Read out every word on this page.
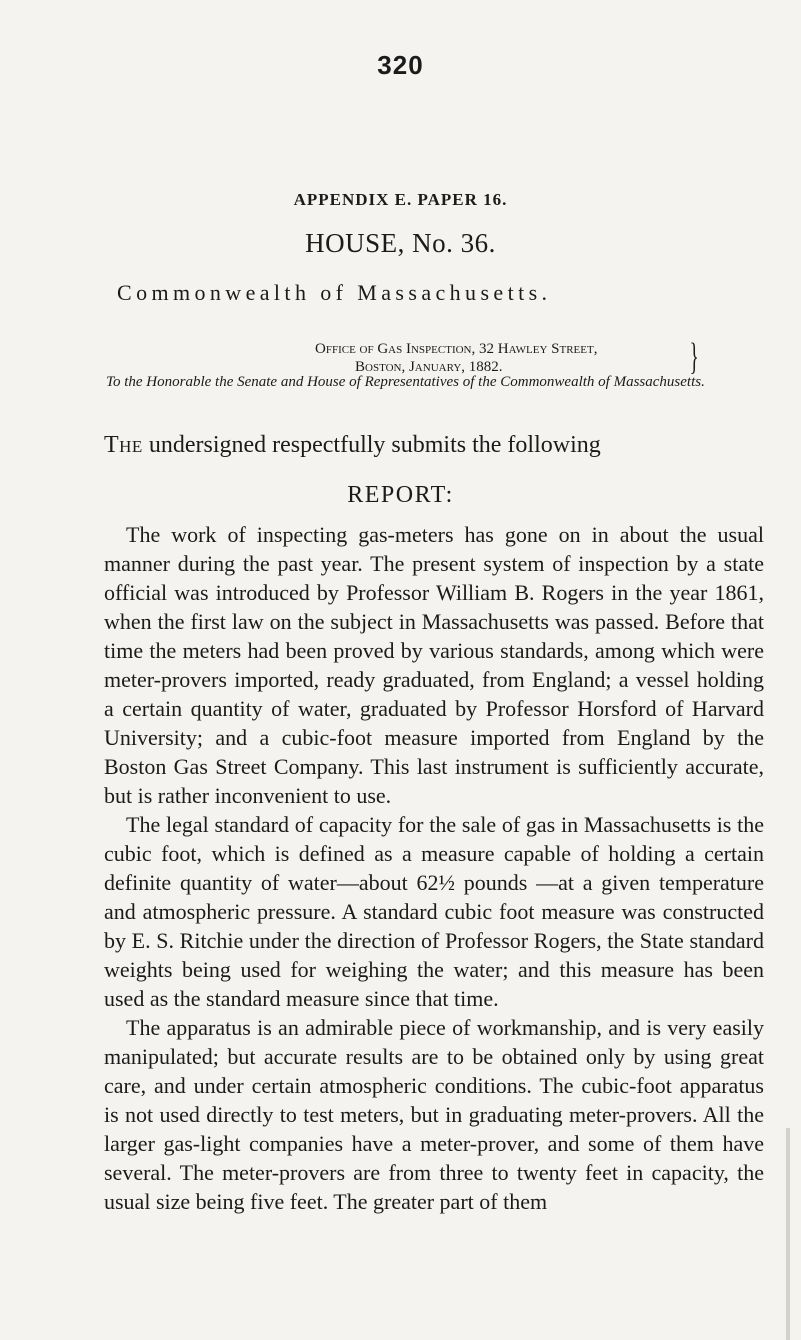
320
APPENDIX E. PAPER 16.
HOUSE, No. 36.
Commonwealth of Massachusetts.
Office of Gas Inspection, 32 Hawley Street,
Boston, January, 1882.	}
To the Honorable the Senate and House of Representatives of the Commonwealth of Massachusetts.
The undersigned respectfully submits the following
REPORT:

The work of inspecting gas-meters has gone on in about the usual manner during the past year. The present system of inspection by a state official was introduced by Professor William B. Rogers in the year 1861, when the first law on the subject in Massachusetts was passed. Before that time the meters had been proved by various standards, among which were meter-provers imported, ready graduated, from England; a vessel holding a certain quantity of water, graduated by Professor Horsford of Harvard University; and a cubic-foot measure imported from England by the Boston Gas Street Company. This last instrument is sufficiently accurate, but is rather inconvenient to use.

The legal standard of capacity for the sale of gas in Massachusetts is the cubic foot, which is defined as a measure capable of holding a certain definite quantity of water—about 62½ pounds —at a given temperature and atmospheric pressure. A standard cubic foot measure was constructed by E. S. Ritchie under the direction of Professor Rogers, the State standard weights being used for weighing the water; and this measure has been used as the standard measure since that time.

The apparatus is an admirable piece of workmanship, and is very easily manipulated; but accurate results are to be obtained only by using great care, and under certain atmospheric conditions. The cubic-foot apparatus is not used directly to test meters, but in graduating meter-provers. All the larger gas-light companies have a meter-prover, and some of them have several. The meter-provers are from three to twenty feet in capacity, the usual size being five feet. The greater part of them
